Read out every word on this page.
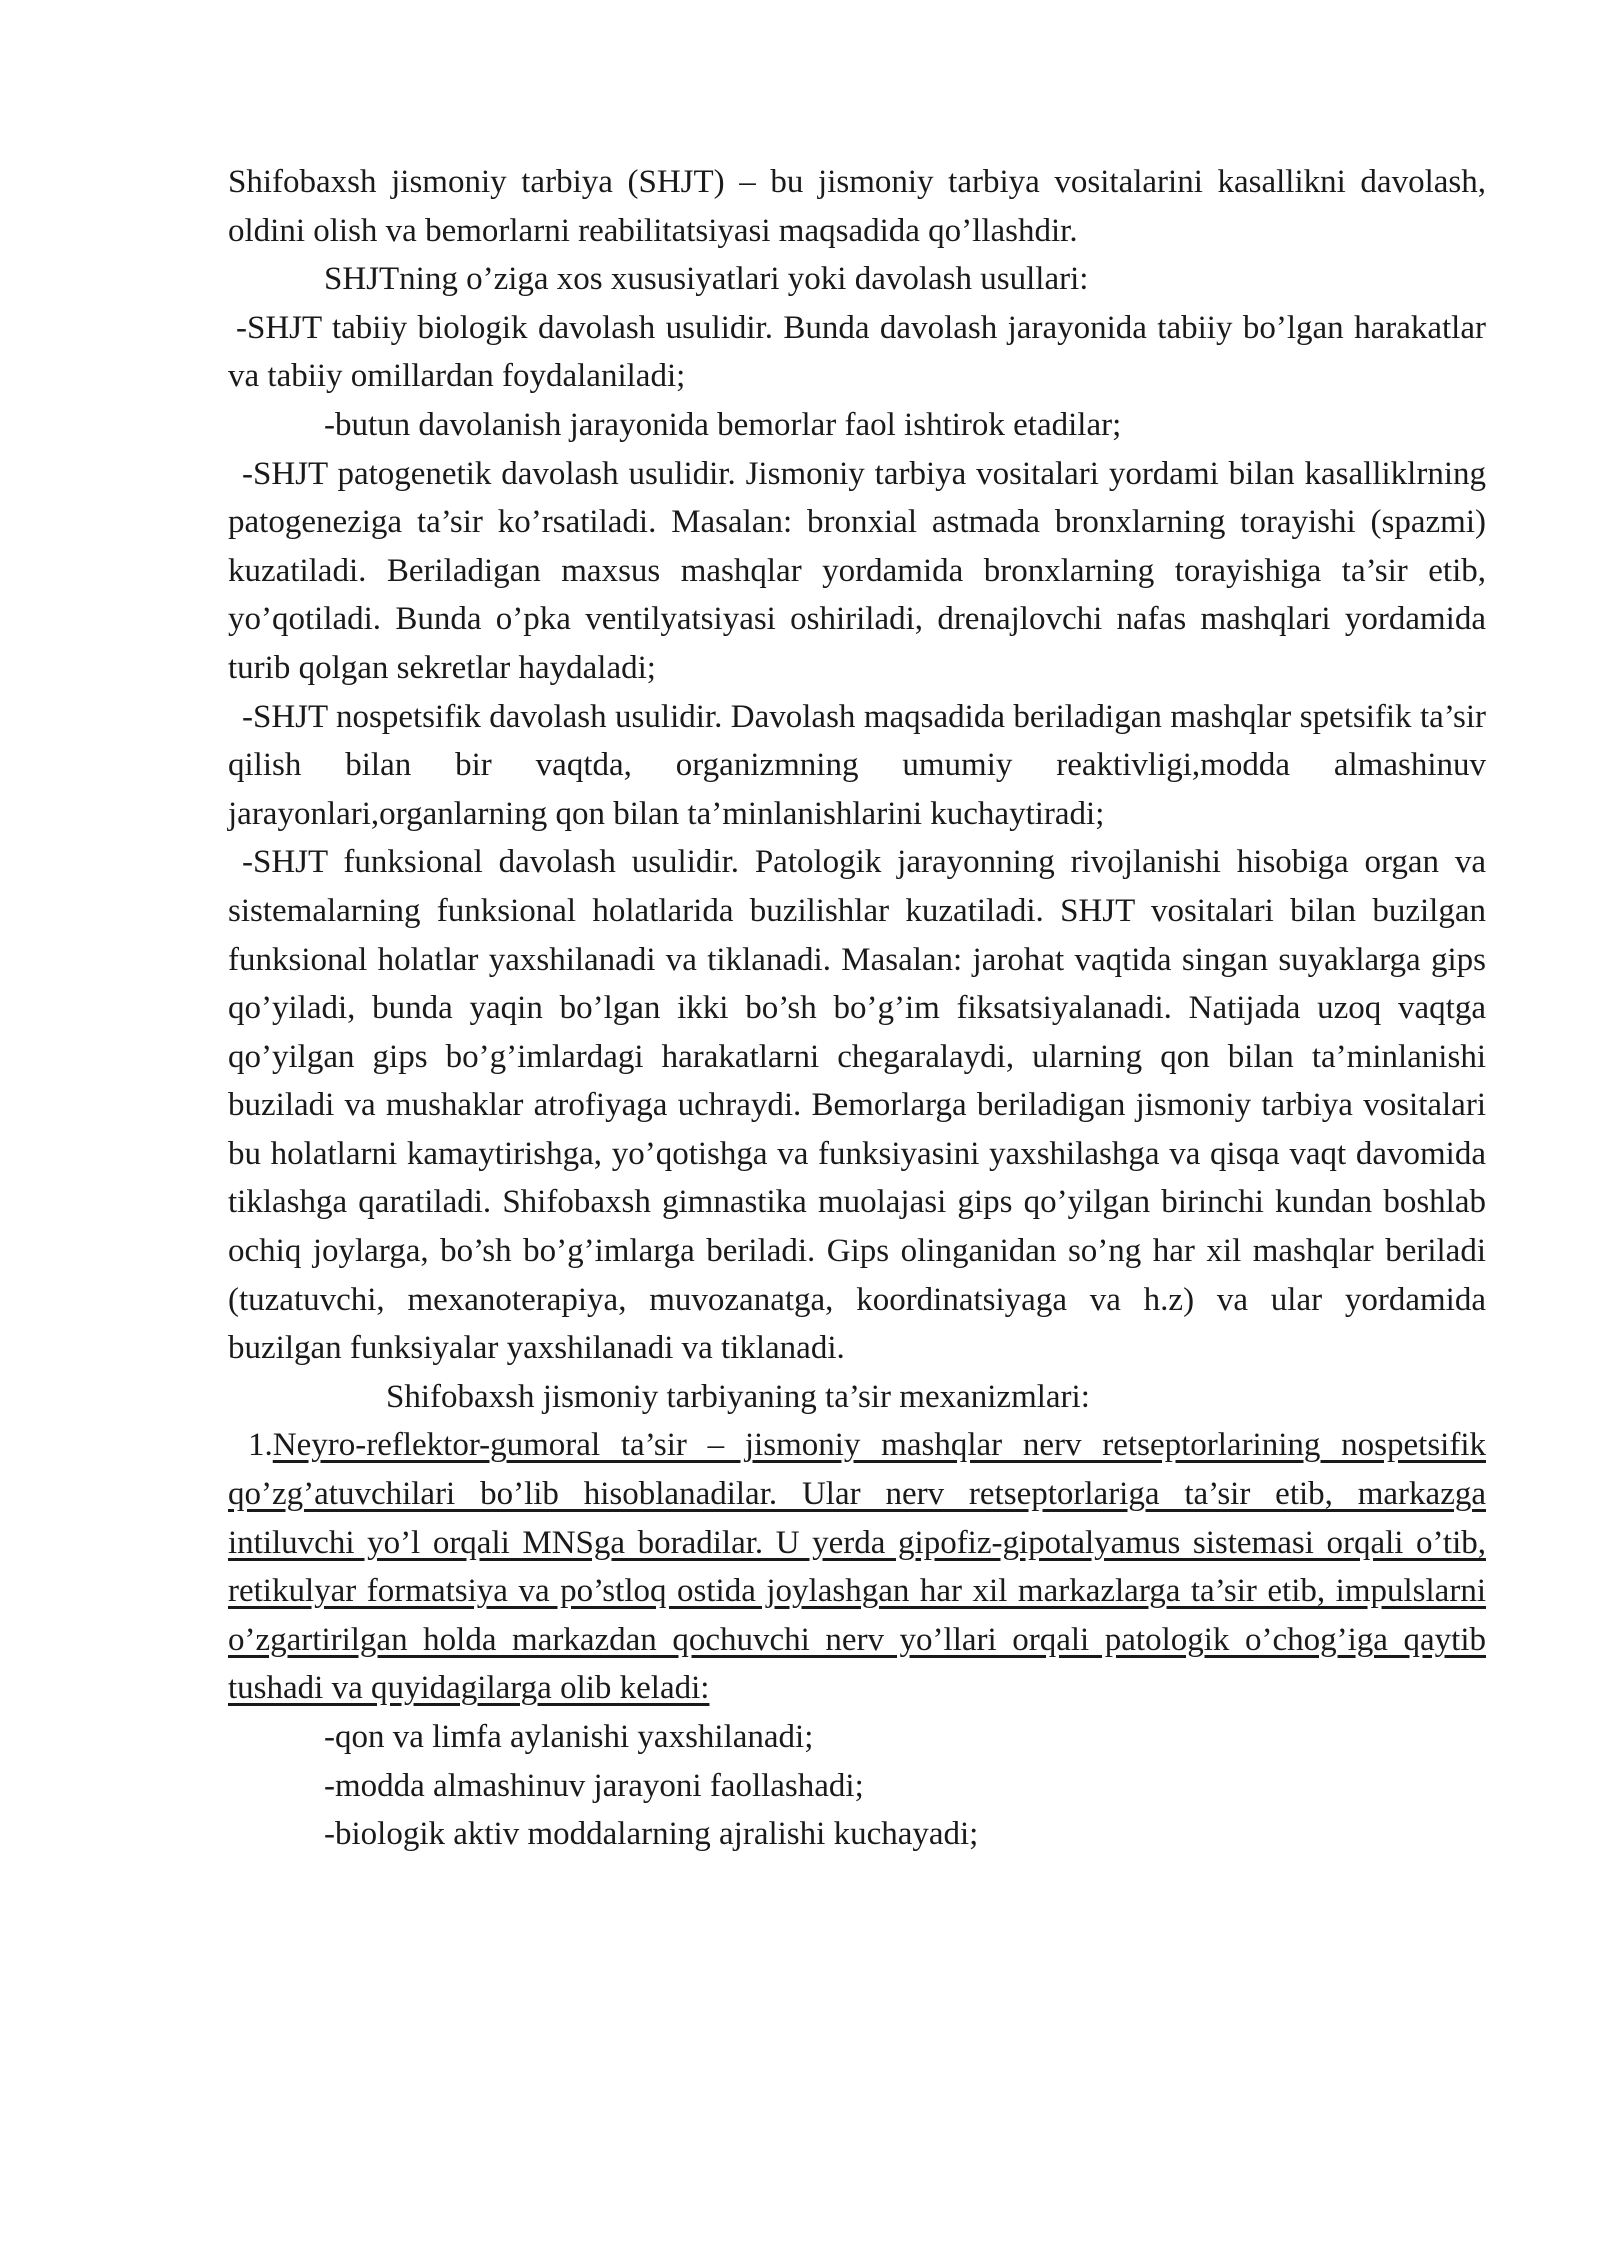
Shifobaxsh jismoniy tarbiya (SHJT) – bu jismoniy tarbiya vositalarini kasallikni davolash, oldini olish va bemorlarni reabilitatsiyasi maqsadida qo’llashdir.

SHJTning o’ziga xos xususiyatlari yoki davolash usullari:

-SHJT tabiiy biologik davolash usulidir. Bunda davolash jarayonida tabiiy bo’lgan harakatlar va tabiiy omillardan foydalaniladi;

-butun davolanish jarayonida bemorlar faol ishtirok etadilar;

-SHJT patogenetik davolash usulidir. Jismoniy tarbiya vositalari yordami bilan kasalliklrning patogeneziga ta’sir ko’rsatiladi. Masalan: bronxial astmada bronxlarning torayishi (spazmi) kuzatiladi. Beriladigan maxsus mashqlar yordamida bronxlarning torayishiga ta’sir etib, yo’qotiladi. Bunda o’pka ventilyatsiyasi oshiriladi, drenajlovchi nafas mashqlari yordamida turib qolgan sekretlar haydaladi;

-SHJT nospetsifik davolash usulidir. Davolash maqsadida beriladigan mashqlar spetsifik ta’sir qilish bilan bir vaqtda, organizmning umumiy reaktivligi,modda almashinuv jarayonlari,organlarning qon bilan ta’minlanishlarini kuchaytiradi;

-SHJT funksional davolash usulidir. Patologik jarayonning rivojlanishi hisobiga organ va sistemalarning funksional holatlarida buzilishlar kuzatiladi. SHJT vositalari bilan buzilgan funksional holatlar yaxshilanadi va tiklanadi. Masalan: jarohat vaqtida singan suyaklarga gips qo’yiladi, bunda yaqin bo’lgan ikki bo’sh bo’g’im fiksatsiyalanadi. Natijada uzoq vaqtga qo’yilgan gips bo’g’imlardagi harakatlarni chegaralaydi, ularning qon bilan ta’minlanishi buziladi va mushaklar atrofiyaga uchraydi. Bemorlarga beriladigan jismoniy tarbiya vositalari bu holatlarni kamaytirishga, yo’qotishga va funksiyasini yaxshilashga va qisqa vaqt davomida tiklashga qaratiladi. Shifobaxsh gimnastika muolajasi gips qo’yilgan birinchi kundan boshlab ochiq joylarga, bo’sh bo’g’imlarga beriladi. Gips olinganidan so’ng har xil mashqlar beriladi (tuzatuvchi, mexanoterapiya, muvozanatga, koordinatsiyaga va h.z) va ular yordamida buzilgan funksiyalar yaxshilanadi va tiklanadi.

Shifobaxsh jismoniy tarbiyaning ta’sir mexanizmlari:

1.Neyro-reflektor-gumoral ta’sir – jismoniy mashqlar nerv retseptorlarining nospetsifik qo’zg’atuvchilari bo’lib hisoblanadilar. Ular nerv retseptorlariga ta’sir etib, markazga intiluvchi yo’l orqali MNSga boradilar. U yerda gipofiz-gipotalyamus sistemasi orqali o’tib, retikulyar formatsiya va po’stloq ostida joylashgan har xil markazlarga ta’sir etib, impulslarni o’zgartirilgan holda markazdan qochuvchi nerv yo’llari orqali patologik o’chog’iga qaytib tushadi va quyidagilarga olib keladi:

-qon va limfa aylanishi yaxshilanadi;

-modda almashinuv jarayoni faollashadi;

-biologik aktiv moddalarning ajralishi kuchayadi;
